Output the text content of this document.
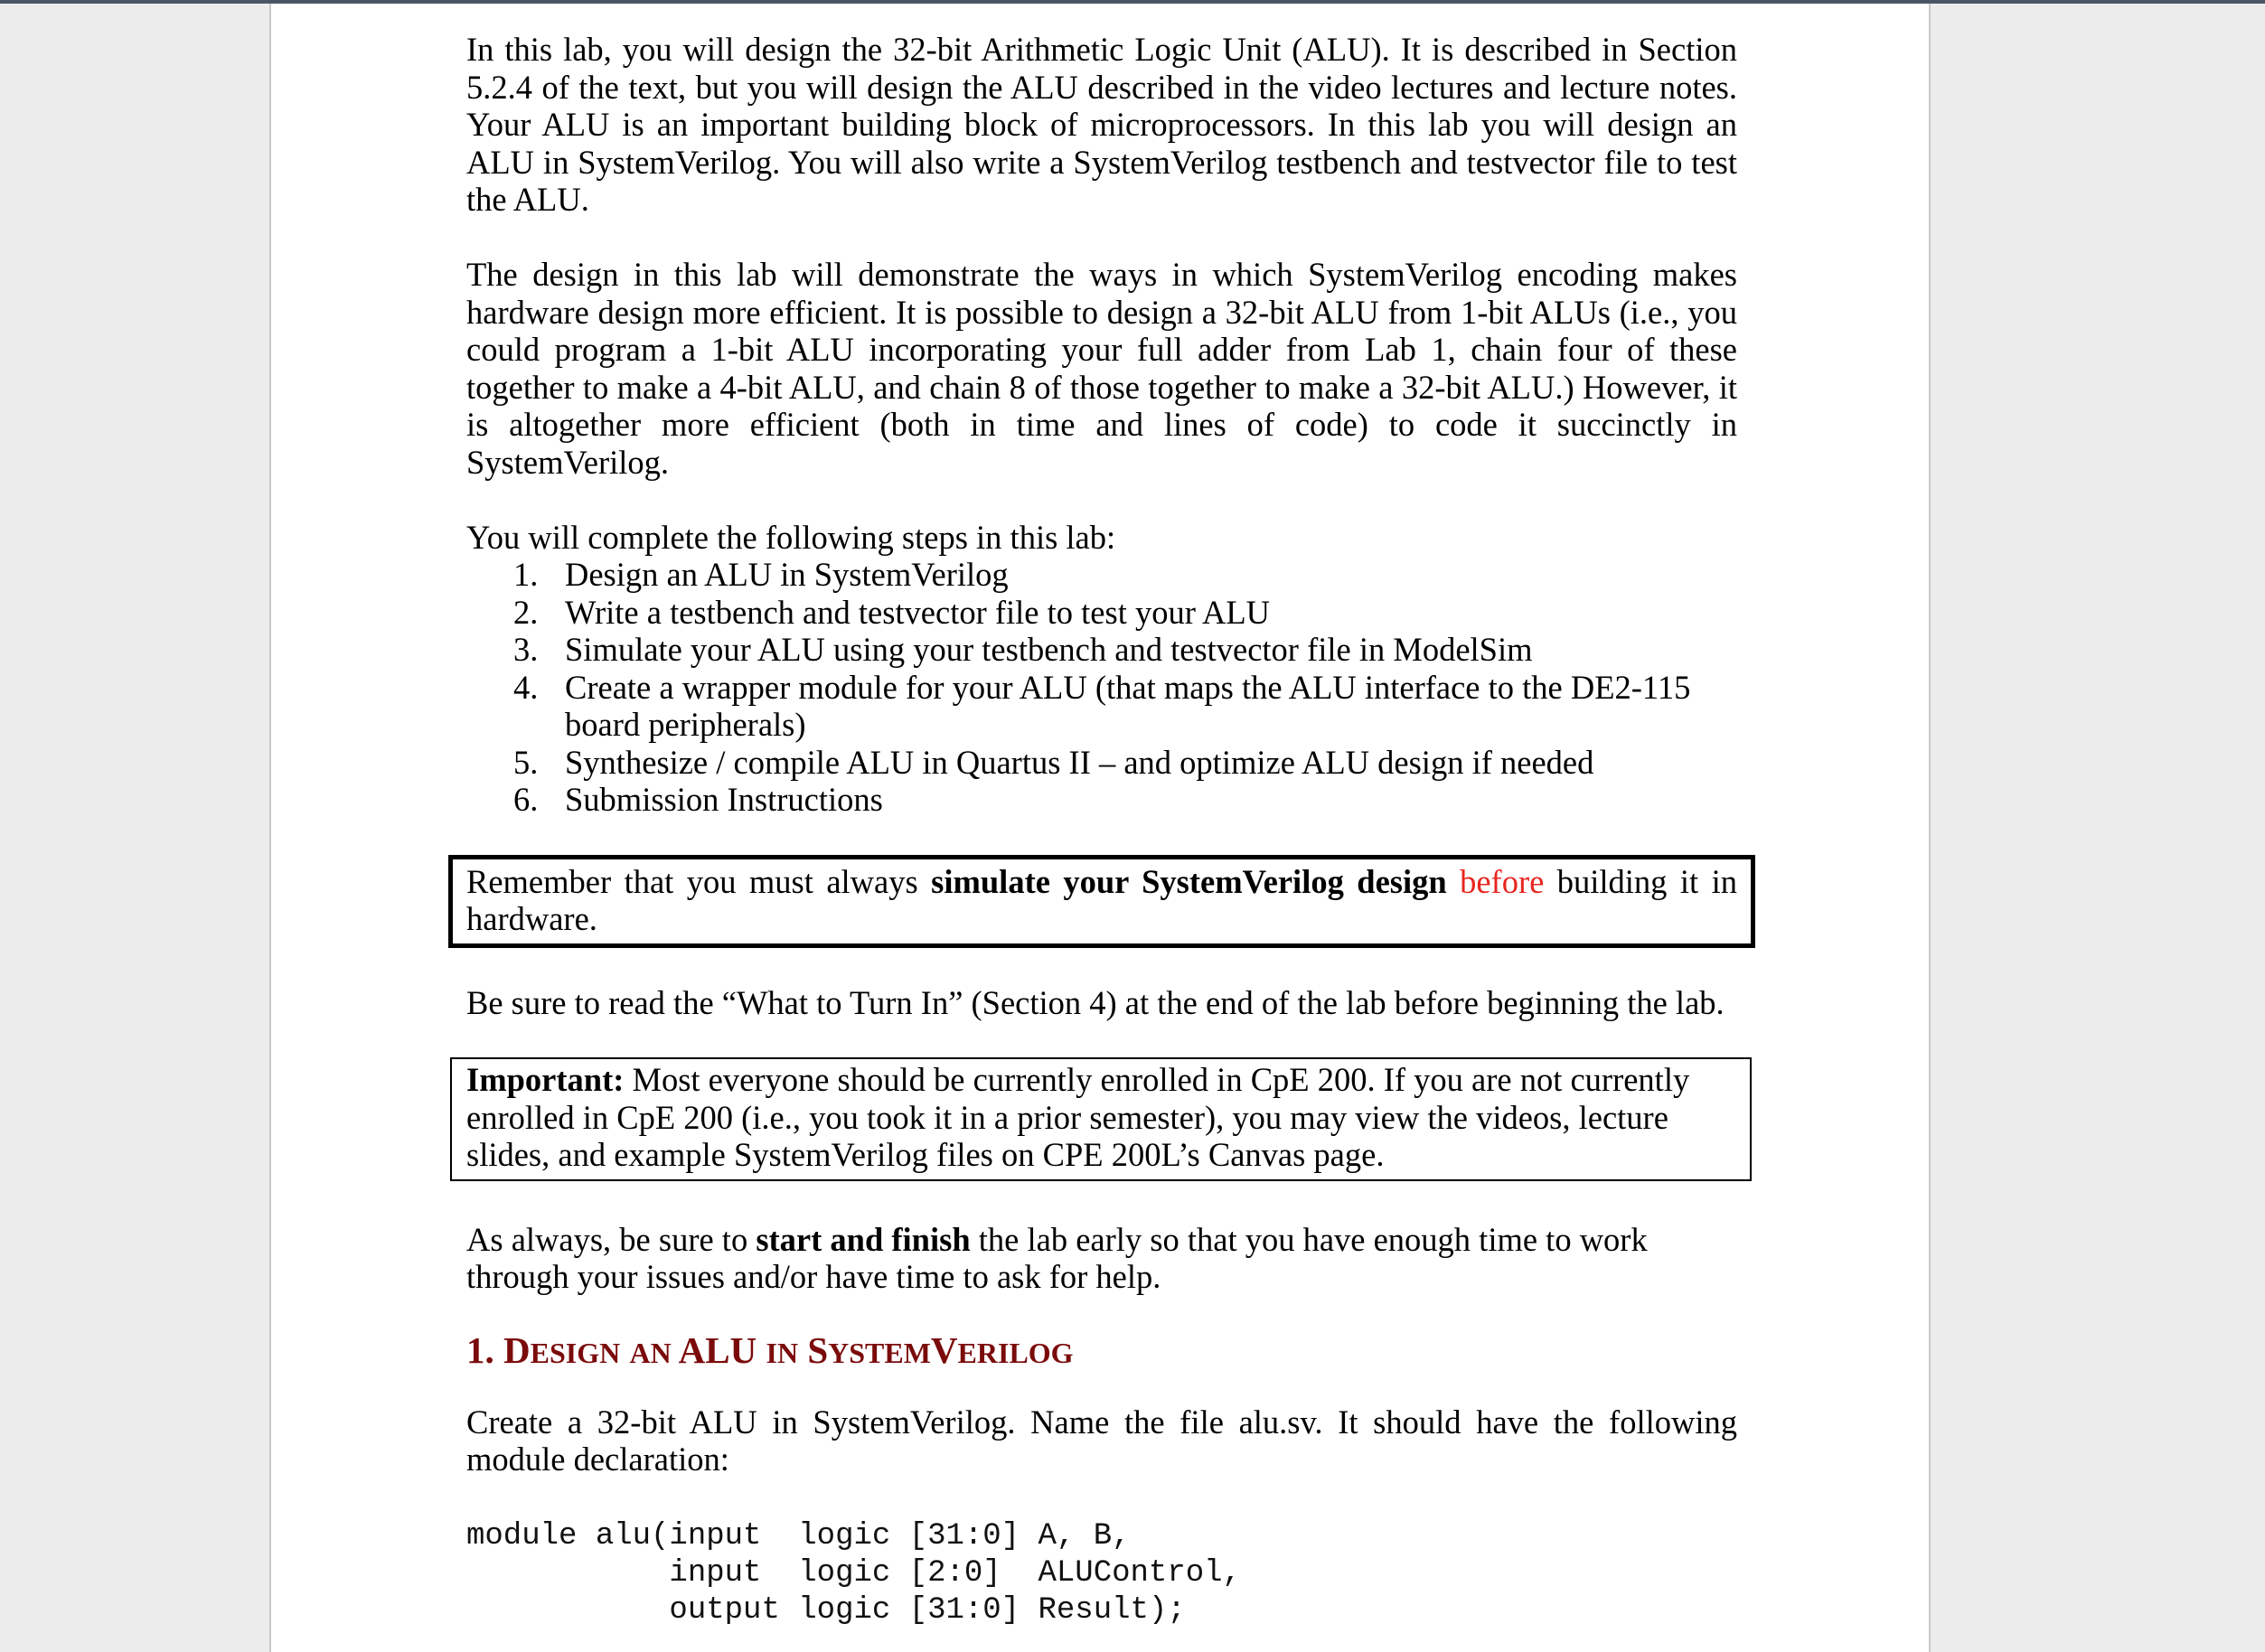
In this lab, you will design the 32-bit Arithmetic Logic Unit (ALU). It is described in Section 5.2.4 of the text, but you will design the ALU described in the video lectures and lecture notes. Your ALU is an important building block of microprocessors. In this lab you will design an ALU in SystemVerilog. You will also write a SystemVerilog testbench and testvector file to test the ALU.

The design in this lab will demonstrate the ways in which SystemVerilog encoding makes hardware design more efficient. It is possible to design a 32-bit ALU from 1-bit ALUs (i.e., you could program a 1-bit ALU incorporating your full adder from Lab 1, chain four of these together to make a 4-bit ALU, and chain 8 of those together to make a 32-bit ALU.) However, it is altogether more efficient (both in time and lines of code) to code it succinctly in SystemVerilog.

You will complete the following steps in this lab:

1. Design an ALU in SystemVerilog
2. Write a testbench and testvector file to test your ALU
3. Simulate your ALU using your testbench and testvector file in ModelSim
4. Create a wrapper module for your ALU (that maps the ALU interface to the DE2-115 board peripherals)
5. Synthesize / compile ALU in Quartus II – and optimize ALU design if needed
6. Submission Instructions

Remember that you must always simulate your SystemVerilog design before building it in hardware.

Be sure to read the “What to Turn In” (Section 4) at the end of the lab before beginning the lab.

Important: Most everyone should be currently enrolled in CpE 200. If you are not currently enrolled in CpE 200 (i.e., you took it in a prior semester), you may view the videos, lecture slides, and example SystemVerilog files on CPE 200L’s Canvas page.

As always, be sure to start and finish the lab early so that you have enough time to work through your issues and/or have time to ask for help.

1. DESIGN AN ALU IN SYSTEMVERILOG

Create a 32-bit ALU in SystemVerilog. Name the file alu.sv. It should have the following module declaration:

module alu(input  logic [31:0] A, B,
input  logic [2:0]  ALUControl,
output logic [31:0] Result);
